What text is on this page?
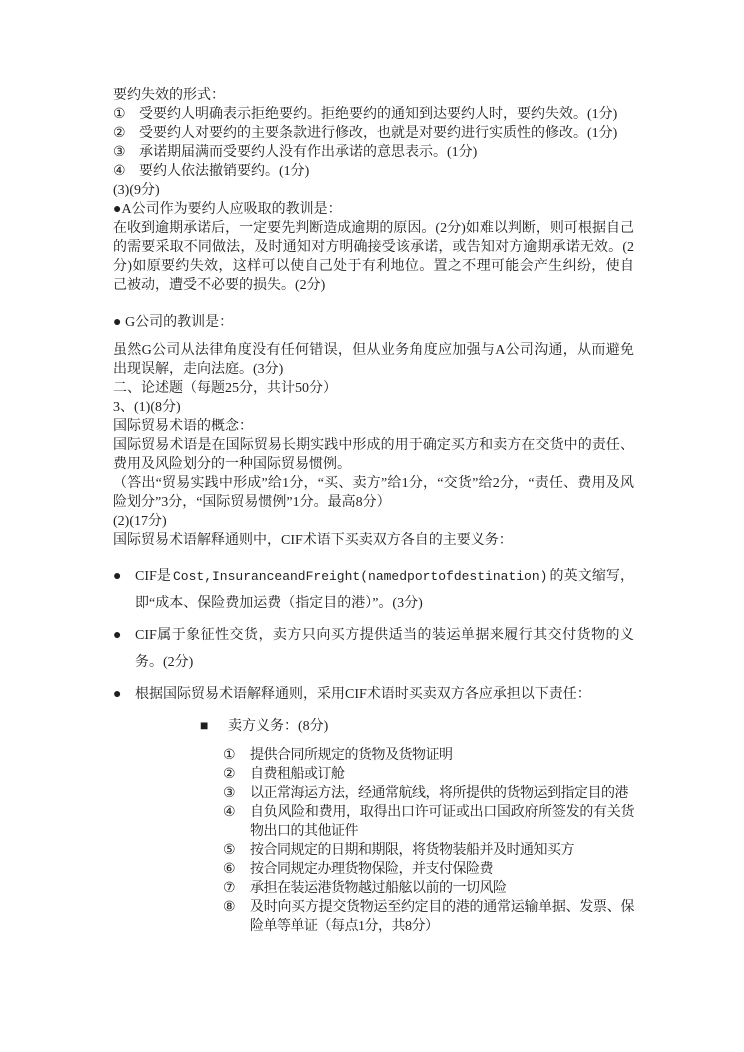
要约失效的形式：

① 受要约人明确表示拒绝要约。拒绝要约的通知到达要约人时，要约失效。(1分)
② 受要约人对要约的主要条款进行修改，也就是对要约进行实质性的修改。(1分)
③ 承诺期届满而受要约人没有作出承诺的意思表示。(1分)
④ 要约人依法撤销要约。(1分)

(3)(9分)

●A公司作为要约人应吸取的教训是：

在收到逾期承诺后，一定要先判断造成逾期的原因。(2分)如难以判断，则可根据自己的需要采取不同做法，及时通知对方明确接受该承诺，或告知对方逾期承诺无效。(2分)如原要约失效，这样可以使自己处于有利地位。置之不理可能会产生纠纷，使自己被动，遭受不必要的损失。(2分)

● G公司的教训是：

虽然G公司从法律角度没有任何错误，但从业务角度应加强与A公司沟通，从而避免出现误解，走向法庭。(3分)

二、论述题（每题25分，共计50分）

3、(1)(8分)

国际贸易术语的概念：

国际贸易术语是在国际贸易长期实践中形成的用于确定买方和卖方在交货中的责任、费用及风险划分的一种国际贸易惯例。

（答出“贸易实践中形成”给1分，“买、卖方”给1分，“交货”给2分，“责任、费用及风险划分”3分，“国际贸易惯例”1分。最高8分）

(2)(17分)

国际贸易术语解释通则中，CIF术语下买卖双方各自的主要义务：

● CIF是 Cost,InsuranceandFreight(namedportofdestination) 的英文缩写，即“成本、保险费加运费（指定目的港）”。(3分)
● CIF属于象征性交货，卖方只向买方提供适当的装运单据来履行其交付货物的义务。(2分)
● 根据国际贸易术语解释通则，采用CIF术语时买卖双方各应承担以下责任：
■	卖方义务：(8分)
①	提供合同所规定的货物及货物证明
②	自费租船或订舱
③	以正常海运方法，经通常航线，将所提供的货物运到指定目的港
④	自负风险和费用，取得出口许可证或出口国政府所签发的有关货物出口的其他证件
⑤	按合同规定的日期和期限，将货物装船并及时通知买方
⑥	按合同规定办理货物保险，并支付保险费
⑦	承担在装运港货物越过船舷以前的一切风险
⑧	及时向买方提交货物运至约定目的港的通常运输单据、发票、保险单等单证（每点1分，共8分）
